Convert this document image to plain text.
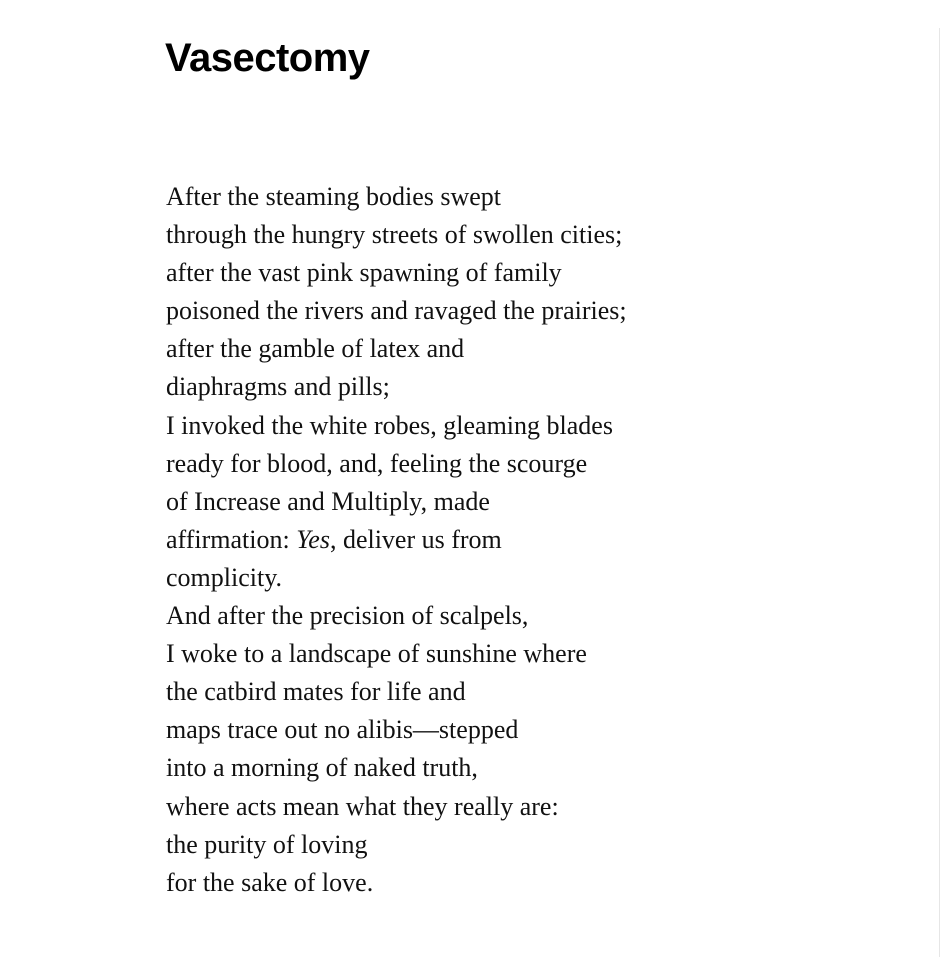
Vasectomy
After the steaming bodies swept
through the hungry streets of swollen cities;
after the vast pink spawning of family
poisoned the rivers and ravaged the prairies;
after the gamble of latex and
diaphragms and pills;
I invoked the white robes, gleaming blades
ready for blood, and, feeling the scourge
of Increase and Multiply, made
affirmation: Yes, deliver us from
complicity.
And after the precision of scalpels,
I woke to a landscape of sunshine where
the catbird mates for life and
maps trace out no alibis—stepped
into a morning of naked truth,
where acts mean what they really are:
the purity of loving
for the sake of love.
